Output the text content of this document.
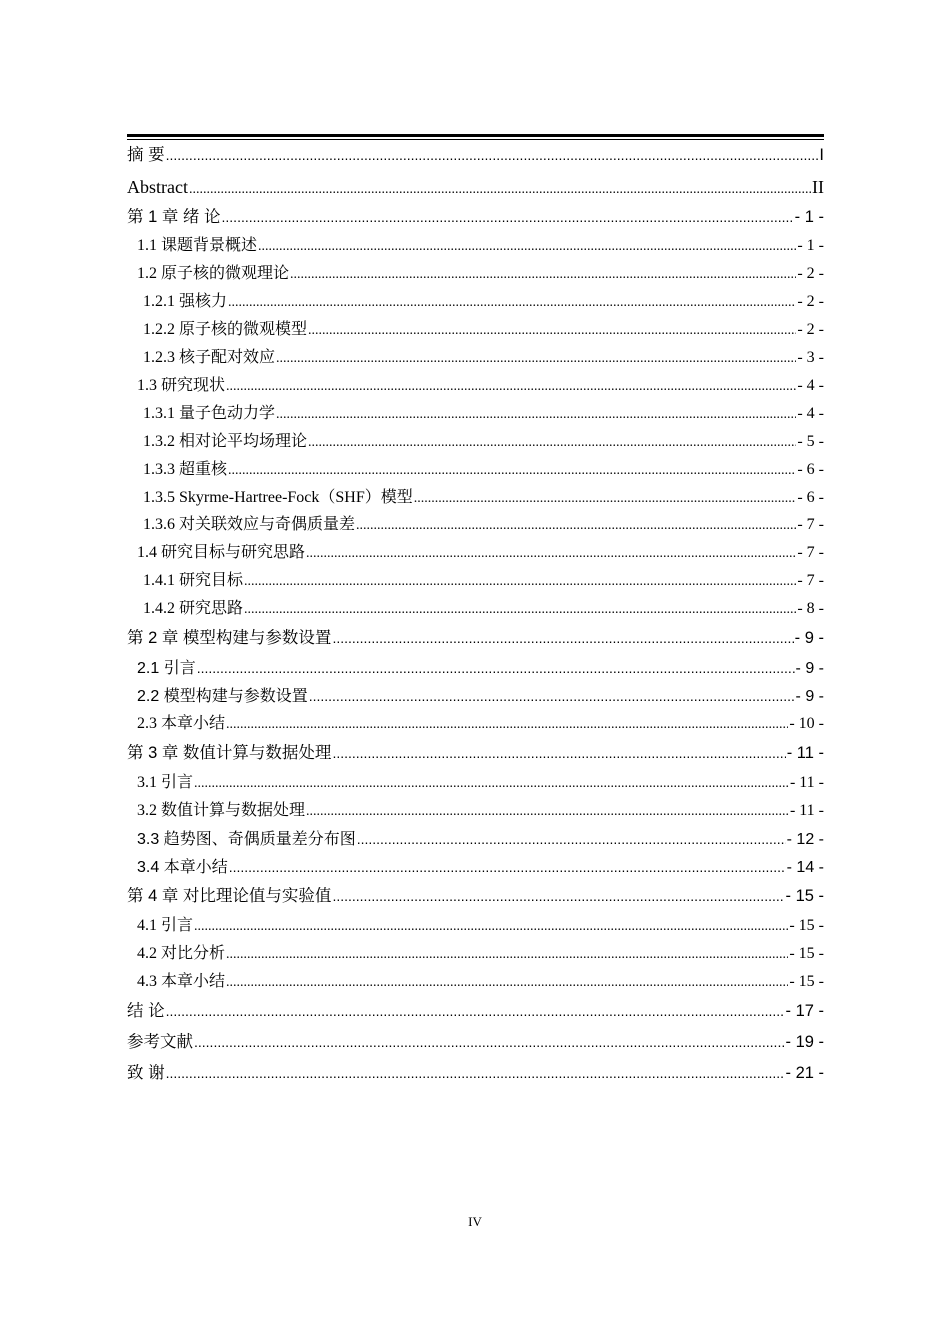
摘 要 .....	I
Abstract .....	II
第 1 章 绪 论 .....	- 1 -
1.1 课题背景概述 .....	- 1 -
1.2 原子核的微观理论 .....	- 2 -
1.2.1 强核力 .....	- 2 -
1.2.2 原子核的微观模型 .....	- 2 -
1.2.3 核子配对效应 .....	- 3 -
1.3 研究现状 .....	- 4 -
1.3.1 量子色动力学 .....	- 4 -
1.3.2 相对论平均场理论 .....	- 5 -
1.3.3 超重核 .....	- 6 -
1.3.5 Skyrme-Hartree-Fock（SHF）模型 .....	- 6 -
1.3.6 对关联效应与奇偶质量差 .....	- 7 -
1.4 研究目标与研究思路 .....	- 7 -
1.4.1 研究目标 .....	- 7 -
1.4.2 研究思路 .....	- 8 -
第 2 章 模型构建与参数设置 .....	- 9 -
2.1 引言 .....	- 9 -
2.2 模型构建与参数设置 .....	- 9 -
2.3 本章小结 .....	- 10 -
第 3 章 数值计算与数据处理 .....	- 11 -
3.1 引言 .....	- 11 -
3.2 数值计算与数据处理 .....	- 11 -
3.3 趋势图、奇偶质量差分布图 .....	- 12 -
3.4 本章小结 .....	- 14 -
第 4 章 对比理论值与实验值 .....	- 15 -
4.1 引言 .....	- 15 -
4.2 对比分析 .....	- 15 -
4.3 本章小结 .....	- 15 -
结 论 .....	- 17 -
参考文献 .....	- 19 -
致 谢 .....	- 21 -
IV
